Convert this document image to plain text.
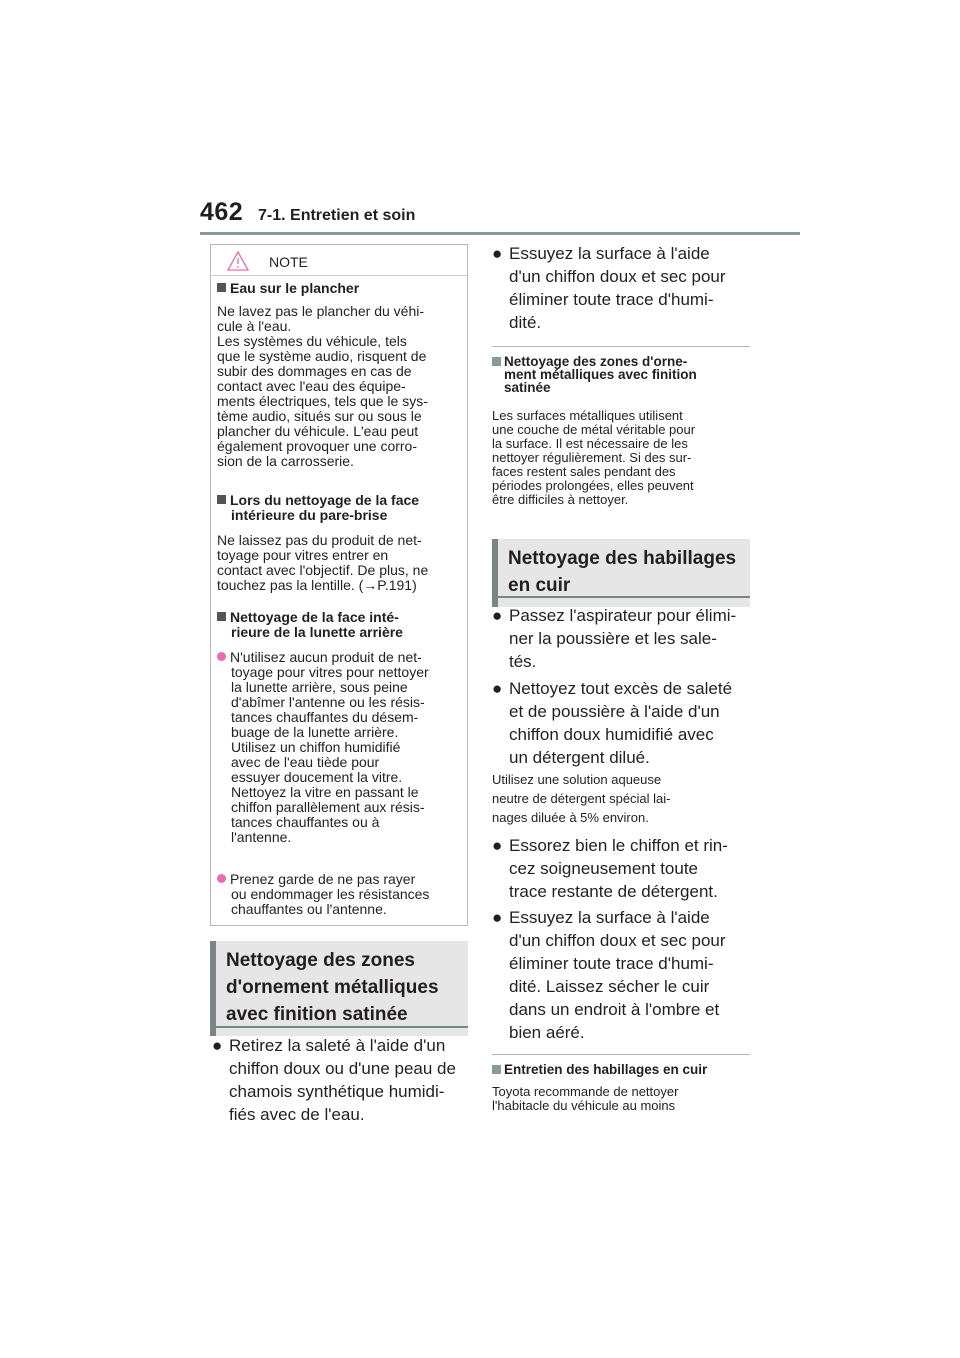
462 7-1. Entretien et soin
NOTE
Eau sur le plancher

Ne lavez pas le plancher du véhi-
cule à l'eau.
Les systèmes du véhicule, tels
que le système audio, risquent de
subir des dommages en cas de
contact avec l'eau des équipe-
ments électriques, tels que le sys-
tème audio, situés sur ou sous le
plancher du véhicule. L'eau peut
également provoquer une corro-
sion de la carrosserie.

Lors du nettoyage de la face
intérieure du pare-brise

Ne laissez pas du produit de net-
toyage pour vitres entrer en
contact avec l'objectif. De plus, ne
touchez pas la lentille. (→P.191)

Nettoyage de la face inté-
rieure de la lunette arrière

N'utilisez aucun produit de net-
toyage pour vitres pour nettoyer
la lunette arrière, sous peine
d'abîmer l'antenne ou les résis-
tances chauffantes du désem-
buage de la lunette arrière.
Utilisez un chiffon humidifié
avec de l'eau tiède pour
essuyer doucement la vitre.
Nettoyez la vitre en passant le
chiffon parallèlement aux résis-
tances chauffantes ou à
l'antenne.

Prenez garde de ne pas rayer
ou endommager les résistances
chauffantes ou l'antenne.

Nettoyage des zones
d'ornement métalliques
avec finition satinée
● Retirez la saleté à l'aide d'un
chiffon doux ou d'une peau de
chamois synthétique humidi-
fiés avec de l'eau.
● Essuyez la surface à l'aide
d'un chiffon doux et sec pour
éliminer toute trace d'humi-
dité.
Nettoyage des zones d'orne-
ment métalliques avec finition
satinée

Les surfaces métalliques utilisent
une couche de métal véritable pour
la surface. Il est nécessaire de les
nettoyer régulièrement. Si des sur-
faces restent sales pendant des
périodes prolongées, elles peuvent
être difficiles à nettoyer.

Nettoyage des habillages
en cuir
● Passez l'aspirateur pour élimi-
ner la poussière et les sale-
tés.
● Nettoyez tout excès de saleté
et de poussière à l'aide d'un
chiffon doux humidifié avec
un détergent dilué.

Utilisez une solution aqueuse
neutre de détergent spécial lai-
nages diluée à 5% environ.

● Essorez bien le chiffon et rin-
cez soigneusement toute
trace restante de détergent.
● Essuyez la surface à l'aide
d'un chiffon doux et sec pour
éliminer toute trace d'humi-
dité. Laissez sécher le cuir
dans un endroit à l'ombre et
bien aéré.
Entretien des habillages en cuir

Toyota recommande de nettoyer
l'habitacle du véhicule au moins
